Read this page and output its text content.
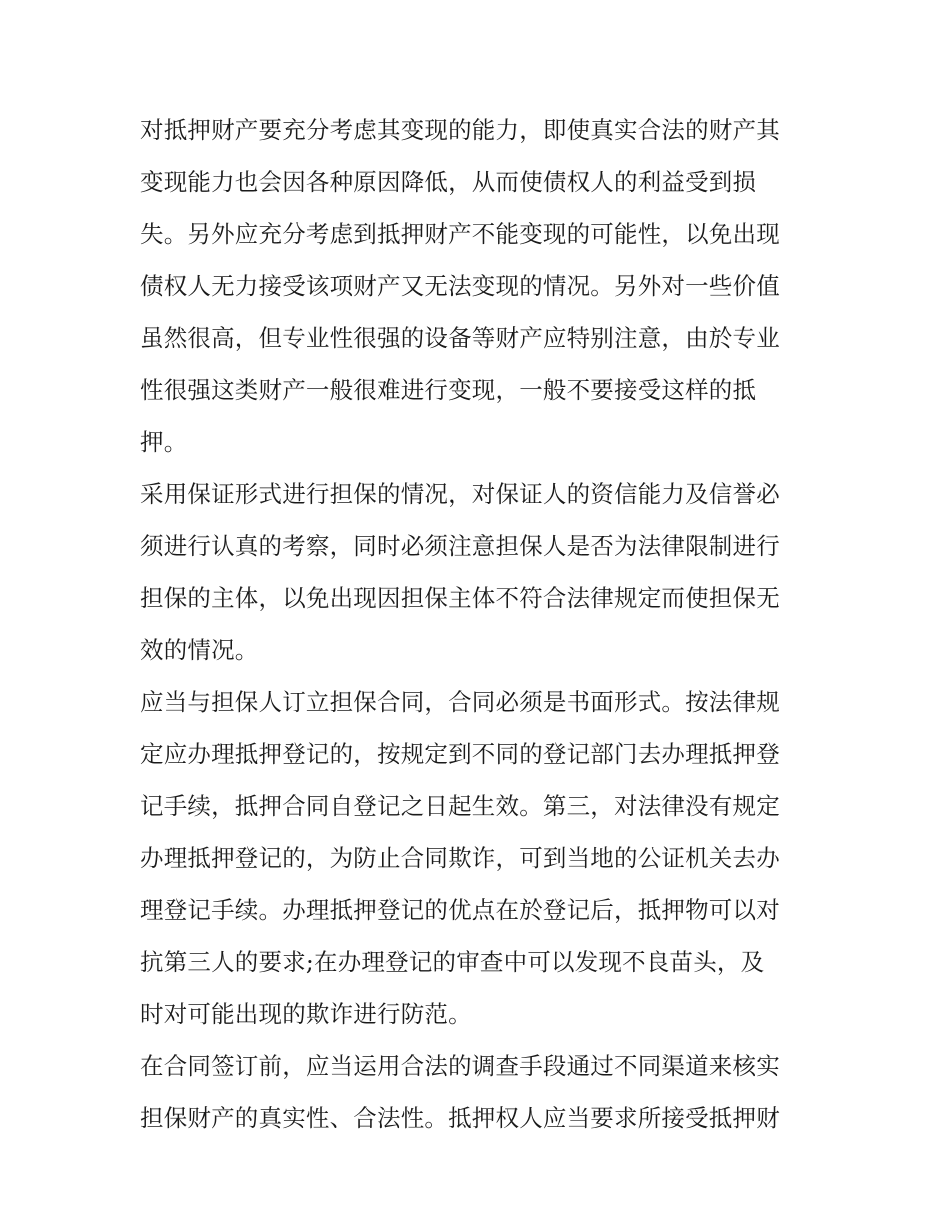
对抵押财产要充分考虑其变现的能力，即使真实合法的财产其
变现能力也会因各种原因降低，从而使债权人的利益受到损
失。另外应充分考虑到抵押财产不能变现的可能性，以免出现
债权人无力接受该项财产又无法变现的情况。另外对一些价值
虽然很高，但专业性很强的设备等财产应特别注意，由於专业
性很强这类财产一般很难进行变现，一般不要接受这样的抵
押。
采用保证形式进行担保的情况，对保证人的资信能力及信誉必
须进行认真的考察，同时必须注意担保人是否为法律限制进行
担保的主体，以免出现因担保主体不符合法律规定而使担保无
效的情况。
应当与担保人订立担保合同，合同必须是书面形式。按法律规
定应办理抵押登记的，按规定到不同的登记部门去办理抵押登
记手续，抵押合同自登记之日起生效。第三，对法律没有规定
办理抵押登记的，为防止合同欺诈，可到当地的公证机关去办
理登记手续。办理抵押登记的优点在於登记后，抵押物可以对
抗第三人的要求;在办理登记的审查中可以发现不良苗头，及
时对可能出现的欺诈进行防范。
在合同签订前，应当运用合法的调查手段通过不同渠道来核实
担保财产的真实性、合法性。抵押权人应当要求所接受抵押财
